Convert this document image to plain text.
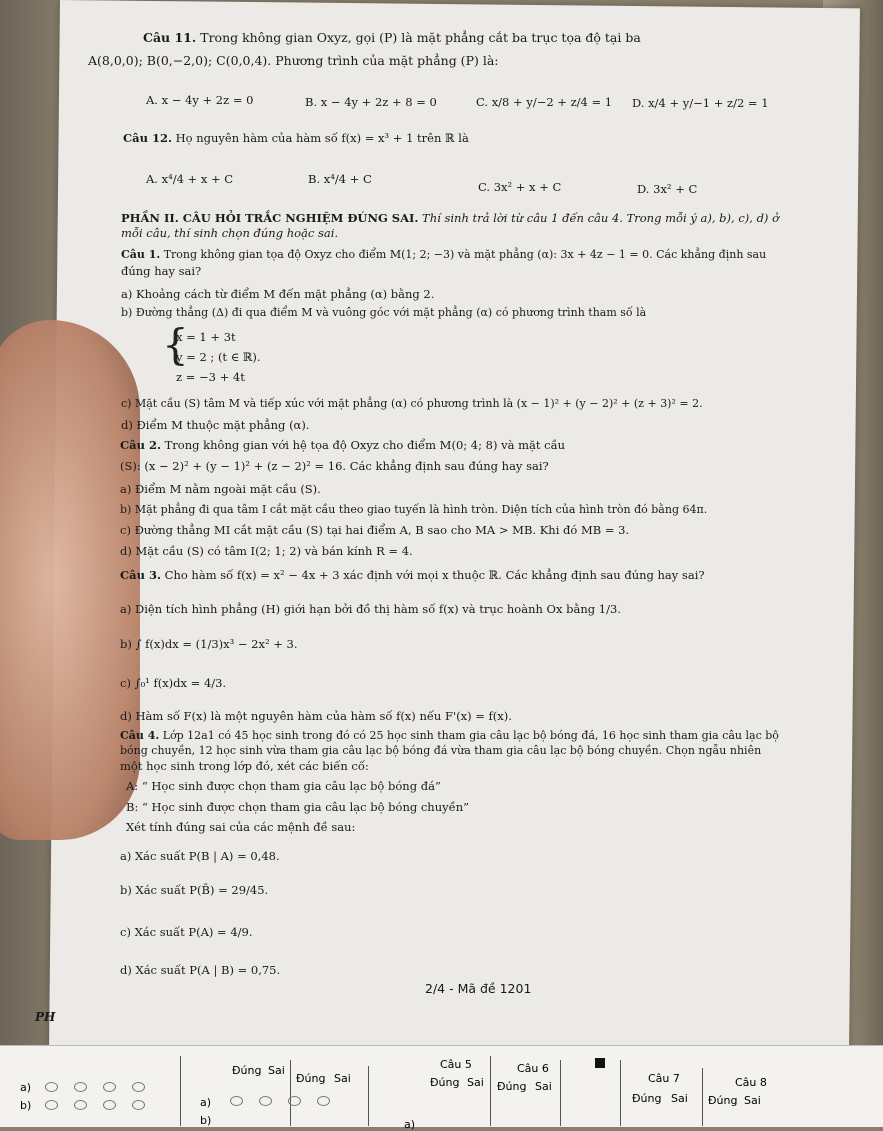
Câu 11. Trong không gian Oxyz, gọi (P) là mặt phẳng cắt ba trục tọa độ tại ba
A(8,0,0); B(0,−2,0); C(0,0,4). Phương trình của mặt phẳng (P) là:
A. x − 4y + 2z = 0	B. x − 4y + 2z + 8 = 0	C. x/8 + y/−2 + z/4 = 1 D. x/4 + y/−1 + z/2 = 1
Câu 12. Họ nguyên hàm của hàm số f(x) = x³ + 1 trên ℝ là
A. x⁴/4 + x + C	B. x⁴/4 + C
C. 3x² + x + C	D. 3x² + C
PHẦN II. CÂU HỎI TRẮC NGHIỆM ĐÚNG SAI. Thí sinh trả lời từ câu 1 đến câu 4. Trong mỗi ý a), b), c), d) ở
mỗi câu, thí sinh chọn đúng hoặc sai.
Câu 1. Trong không gian tọa độ Oxyz cho điểm M(1; 2; −3) và mặt phẳng (α): 3x + 4z − 1 = 0. Các khẳng định sau
đúng hay sai?
a) Khoảng cách từ điểm M đến mặt phẳng (α) bằng 2.
b) Đường thẳng (Δ) đi qua điểm M và vuông góc với mặt phẳng (α) có phương trình tham số là
{
x = 1 + 3t
y = 2 ; (t ∈ ℝ).
z = −3 + 4t
c) Mặt cầu (S) tâm M và tiếp xúc với mặt phẳng (α) có phương trình là (x − 1)² + (y − 2)² + (z + 3)² = 2.
d) Điểm M thuộc mặt phẳng (α).
Câu 2. Trong không gian với hệ tọa độ Oxyz cho điểm M(0; 4; 8) và mặt cầu
(S): (x − 2)² + (y − 1)² + (z − 2)² = 16. Các khẳng định sau đúng hay sai?
a) Điểm M nằm ngoài mặt cầu (S).
b) Mặt phẳng đi qua tâm I cắt mặt cầu theo giao tuyến là hình tròn. Diện tích của hình tròn đó bằng 64π.
c) Đường thẳng MI cắt mặt cầu (S) tại hai điểm A, B sao cho MA > MB. Khi đó MB = 3.
d) Mặt cầu (S) có tâm I(2; 1; 2) và bán kính R = 4.
Câu 3. Cho hàm số f(x) = x² − 4x + 3 xác định với mọi x thuộc ℝ. Các khẳng định sau đúng hay sai?
a) Diện tích hình phẳng (H) giới hạn bởi đồ thị hàm số f(x) và trục hoành Ox bằng 1/3.
b) ∫ f(x)dx = (1/3)x³ − 2x² + 3.
c) ∫₀¹ f(x)dx = 4/3.
d) Hàm số F(x) là một nguyên hàm của hàm số f(x) nếu F'(x) = f(x).
Câu 4. Lớp 12a1 có 45 học sinh trong đó có 25 học sinh tham gia câu lạc bộ bóng đá, 16 học sinh tham gia câu lạc bộ
bóng chuyền, 12 học sinh vừa tham gia câu lạc bộ bóng đá vừa tham gia câu lạc bộ bóng chuyền. Chọn ngẫu nhiên
một học sinh trong lớp đó, xét các biến cố:
A: “ Học sinh được chọn tham gia câu lạc bộ bóng đá”
B: “ Học sinh được chọn tham gia câu lạc bộ bóng chuyền”
Xét tính đúng sai của các mệnh đề sau:
a) Xác suất P(B | A) = 0,48.
b) Xác suất P(B̄) = 29/45.
c) Xác suất P(A) = 4/9.
d) Xác suất P(A | B) = 0,75.
2/4 - Mã đề 1201
PH
a)
b)	a)
b)
Đúng Sai
Đúng Sai
a)
Câu 5
Đúng Sai
Câu 6
Đúng Sai
Câu 7
Đúng Sai
Câu 8
Đúng Sai
